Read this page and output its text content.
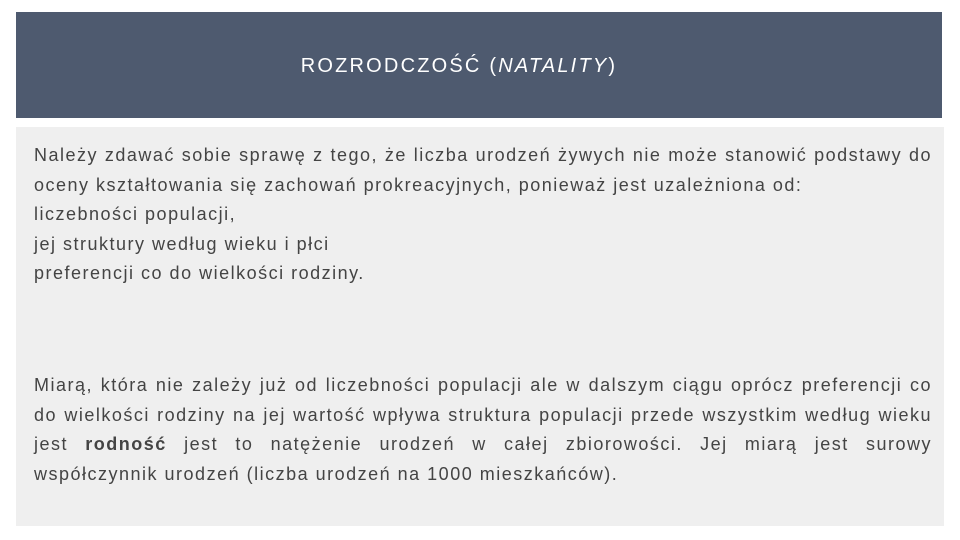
ROZRODCZOŚĆ (NATALITY)
Należy zdawać sobie sprawę z tego, że liczba urodzeń żywych nie może stanowić podstawy do oceny kształtowania się zachowań prokreacyjnych, ponieważ jest uzależniona od:
liczebności populacji,
jej struktury według wieku i płci
preferencji co do wielkości rodziny.
Miarą, która nie zależy już od liczebności populacji ale w dalszym ciągu oprócz preferencji co do wielkości rodziny na jej wartość wpływa struktura populacji przede wszystkim według wieku jest rodność jest to natężenie urodzeń w całej zbiorowości. Jej miarą jest surowy współczynnik urodzeń (liczba urodzeń na 1000 mieszkańców).
